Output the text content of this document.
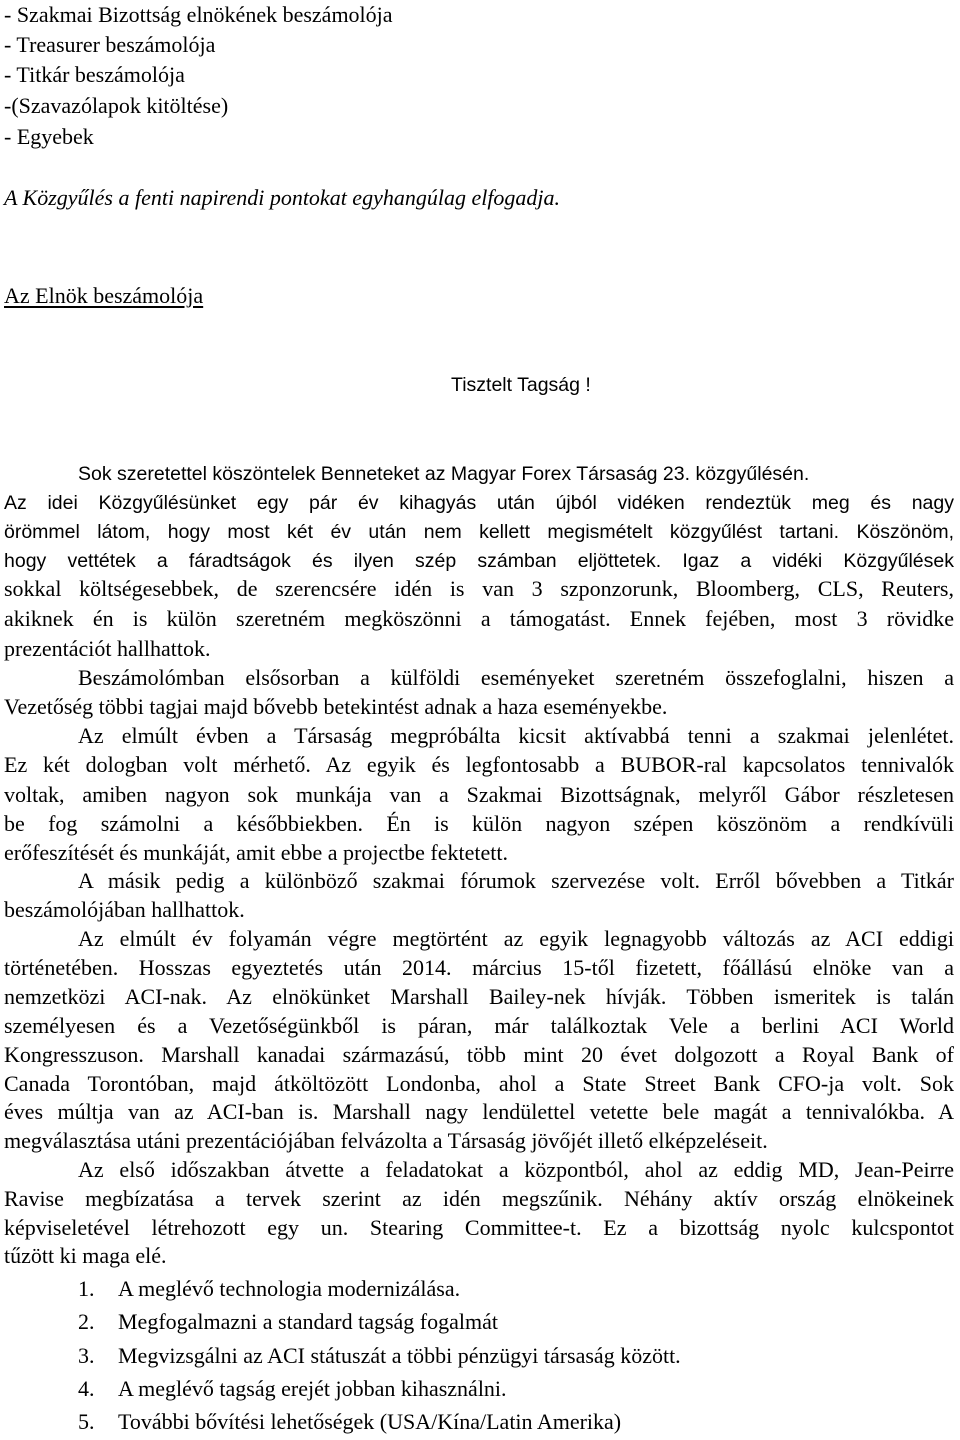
- Szakmai Bizottság elnökének beszámolója
- Treasurer beszámolója
- Titkár beszámolója
-(Szavazólapok kitöltése)
- Egyebek
A Közgyűlés a fenti napirendi pontokat egyhangúlag elfogadja.
Az Elnök beszámolója
Tisztelt Tagság !
Sok szeretettel köszöntelek Benneteket az Magyar Forex Társaság 23. közgyűlésén.
Az idei Közgyűlésünket egy pár év kihagyás után újból vidéken rendeztük meg és nagy
örömmel látom, hogy most két év után nem kellett megismételt közgyűlést tartani. Köszönöm,
hogy vettétek a fáradtságok és ilyen szép számban eljöttetek. Igaz a vidéki Közgyűlések
sokkal költségesebbek, de szerencsére idén is van 3 szponzorunk, Bloomberg, CLS, Reuters,
akiknek én is külön szeretném megköszönni a támogatást. Ennek fejében, most 3 rövidke
prezentációt hallhattok.
Beszámolómban elsősorban a külföldi eseményeket szeretném összefoglalni, hiszen a
Vezetőség többi tagjai majd bővebb betekintést adnak a haza eseményekbe.
Az elmúlt évben a Társaság megpróbálta kicsit aktívabbá tenni a szakmai jelenlétet.
Ez két dologban volt mérhető. Az egyik és legfontosabb a BUBOR-ral kapcsolatos tennivalók
voltak, amiben nagyon sok munkája van a Szakmai Bizottságnak, melyről Gábor részletesen
be fog számolni a későbbiekben. Én is külön nagyon szépen köszönöm a rendkívüli
erőfeszítését és munkáját, amit ebbe a projectbe fektetett.
A másik pedig a különböző szakmai fórumok szervezése volt. Erről bővebben a Titkár
beszámolójában hallhattok.
Az elmúlt év folyamán végre megtörtént az egyik legnagyobb változás az ACI eddigi
történetében. Hosszas egyeztetés után 2014. március 15-től fizetett, főállású elnöke van a
nemzetközi ACI-nak. Az elnökünket Marshall Bailey-nek hívják. Többen ismeritek is talán
személyesen és a Vezetőségünkből is páran, már találkoztak Vele a berlini ACI World
Kongresszuson. Marshall kanadai származású, több mint 20 évet dolgozott a Royal Bank of
Canada Torontóban, majd átköltözött Londonba, ahol a State Street Bank CFO-ja volt. Sok
éves múltja van az ACI-ban is. Marshall nagy lendülettel vetette bele magát a tennivalókba. A
megválasztása utáni prezentációjában felvázolta a Társaság jövőjét illető elképzeléseit.
Az első időszakban átvette a feladatokat a központból, ahol az eddig MD, Jean-Peirre
Ravise megbízatása a tervek szerint az idén megszűnik. Néhány aktív ország elnökeinek
képviseletével létrehozott egy un. Stearing Committee-t. Ez a bizottság nyolc kulcspontot
tűzött ki maga elé.
1. A meglévő technologia modernizálása.
2. Megfogalmazni a standard tagság fogalmát
3. Megvizsgálni az ACI státuszát a többi pénzügyi társaság között.
4. A meglévő tagság erejét jobban kihasználni.
5. További bővítési lehetőségek (USA/Kína/Latin Amerika)
